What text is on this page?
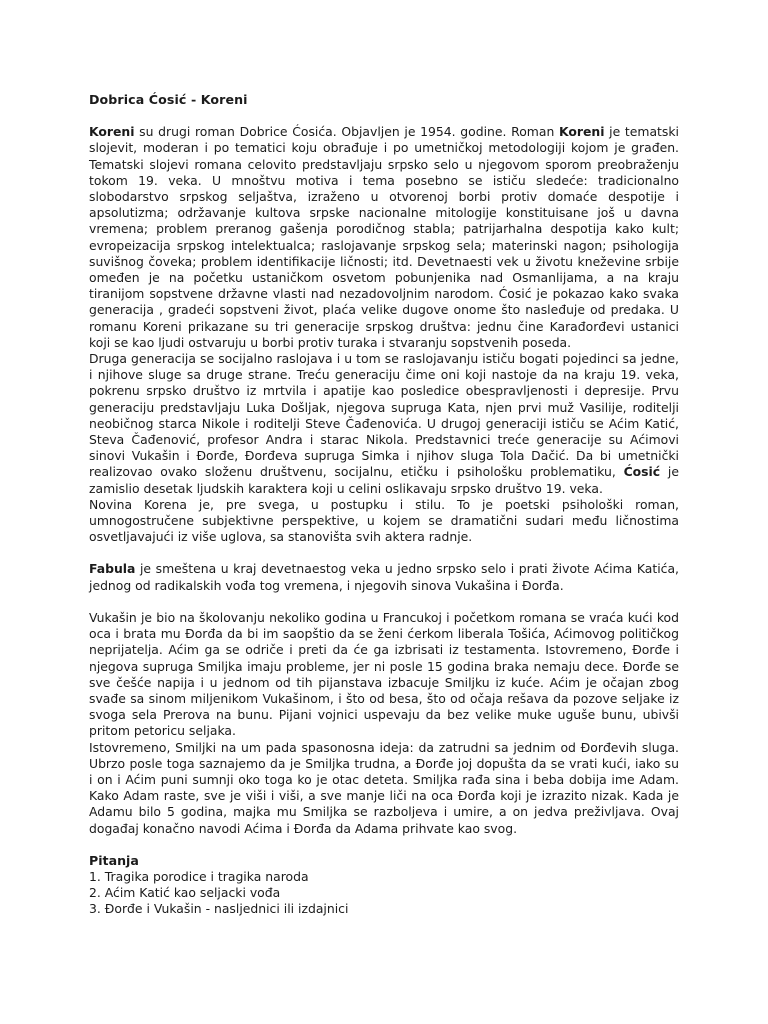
Dobrica Ćosić - Koreni

Koreni su drugi roman Dobrice Ćosića. Objavljen je 1954. godine. Roman Koreni je tematski slojevit, moderan i po tematici koju obrađuje i po umetničkoj metodologiji kojom je građen. Tematski slojevi romana celovito predstavljaju srpsko selo u njegovom sporom preobraženju tokom 19. veka. U mnoštvu motiva i tema posebno se ističu sledeće: tradicionalno slobodarstvo srpskog seljaštva, izraženo u otvorenoj borbi protiv domaće despotije i apsolutizma; održavanje kultova srpske nacionalne mitologije konstituisane još u davna vremena; problem preranog gašenja porodičnog stabla; patrijarhalna despotija kako kult; evropeizacija srpskog intelektualca; raslojavanje srpskog sela; materinski nagon; psihologija suvišnog čoveka; problem identifikacije ličnosti; itd. Devetnaesti vek u životu kneževine srbije omeđen je na početku ustaničkom osvetom pobunjenika nad Osmanlijama, a na kraju tiranijom sopstvene državne vlasti nad nezadovoljnim narodom. Ćosić je pokazao kako svaka generacija , gradeći sopstveni život, plaća velike dugove onome što nasleđuje od predaka. U romanu Koreni prikazane su tri generacije srpskog društva: jednu čine Karađorđevi ustanici koji se kao ljudi ostvaruju u borbi protiv turaka i stvaranju sopstvenih poseda.

Druga generacija se socijalno raslojava i u tom se raslojavanju ističu bogati pojedinci sa jedne, i njihove sluge sa druge strane. Treću generaciju čime oni koji nastoje da na kraju 19. veka, pokrenu srpsko društvo iz mrtvila i apatije kao posledice obespravljenosti i depresije. Prvu generaciju predstavljaju Luka Došljak, njegova supruga Kata, njen prvi muž Vasilije, roditelji neobičnog starca Nikole i roditelji Steve Čađenovića. U drugoj generaciji ističu se Aćim Katić, Steva Čađenović, profesor Andra i starac Nikola. Predstavnici treće generacije su Aćimovi sinovi Vukašin i Đorđe, Đorđeva supruga Simka i njihov sluga Tola Dačić. Da bi umetnički realizovao ovako složenu društvenu, socijalnu, etičku i psihološku problematiku, Ćosić je zamislio desetak ljudskih karaktera koji u celini oslikavaju srpsko društvo 19. veka.

Novina Korena je, pre svega, u postupku i stilu. To je poetski psihološki roman, umnogostručene subjektivne perspektive, u kojem se dramatični sudari među ličnostima osvetljavajući iz više uglova, sa stanovišta svih aktera radnje.

Fabula je smeštena u kraj devetnaestog veka u jedno srpsko selo i prati živote Aćima Katića, jednog od radikalskih vođa tog vremena, i njegovih sinova Vukašina i Đorđa.

Vukašin je bio na školovanju nekoliko godina u Francukoj i početkom romana se vraća kući kod oca i brata mu Đorđa da bi im saopštio da se ženi ćerkom liberala Tošića, Aćimovog političkog neprijatelja. Aćim ga se odriče i preti da će ga izbrisati iz testamenta. Istovremeno, Đorđe i njegova supruga Smiljka imaju probleme, jer ni posle 15 godina braka nemaju dece. Đorđe se sve češće napija i u jednom od tih pijanstava izbacuje Smiljku iz kuće. Aćim je očajan zbog svađe sa sinom miljenikom Vukašinom, i što od besa, što od očaja rešava da pozove seljake iz svoga sela Prerova na bunu. Pijani vojnici uspevaju da bez velike muke uguše bunu, ubivši pritom petoricu seljaka.

Istovremeno, Smiljki na um pada spasonosna ideja: da zatrudni sa jednim od Đorđevih sluga. Ubrzo posle toga saznajemo da je Smiljka trudna, a Đorđe joj dopušta da se vrati kući, iako su i on i Aćim puni sumnji oko toga ko je otac deteta. Smiljka rađa sina i beba dobija ime Adam. Kako Adam raste, sve je viši i viši, a sve manje liči na oca Đorđa koji je izrazito nizak. Kada je Adamu bilo 5 godina, majka mu Smiljka se razboljeva i umire, a on jedva preživljava. Ovaj događaj konačno navodi Aćima i Đorđa da Adama prihvate kao svog.

Pitanja

1. Tragika porodice i tragika naroda

2. Aćim Katić kao seljacki vođa

3. Đorđe i Vukašin - nasljednici ili izdajnici
